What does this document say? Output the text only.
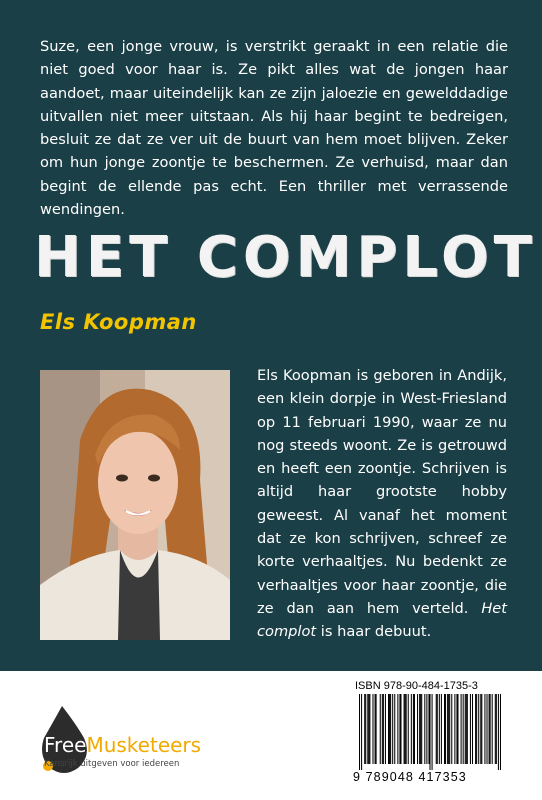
Suze, een jonge vrouw, is verstrikt geraakt in een relatie die niet goed voor haar is. Ze pikt alles wat de jongen haar aandoet, maar uiteindelijk kan ze zijn jaloezie en gewelddadige uitvallen niet meer uitstaan. Als hij haar begint te bedreigen, besluit ze dat ze ver uit de buurt van hem moet blijven. Zeker om hun jonge zoontje te beschermen. Ze verhuisd, maar dan begint de ellende pas echt. Een thriller met verrassende wendingen.

HET COMPLOT
Els Koopman

Els Koopman is geboren in Andijk, een klein dorpje in West-Friesland op 11 februari 1990, waar ze nu nog steeds woont. Ze is getrouwd en heeft een zoontje. Schrijven is altijd haar grootste hobby geweest. Al vanaf het moment dat ze kon schrijven, schreef ze korte verhaaltjes. Nu bedenkt ze verhaaltjes voor haar zoontje, die ze dan aan hem verteld. Het complot is haar debuut.

FreeMusketeers
Kansrijk uitgeven voor iedereen
ISBN 978-90-484-1735-3
9 789048 417353
